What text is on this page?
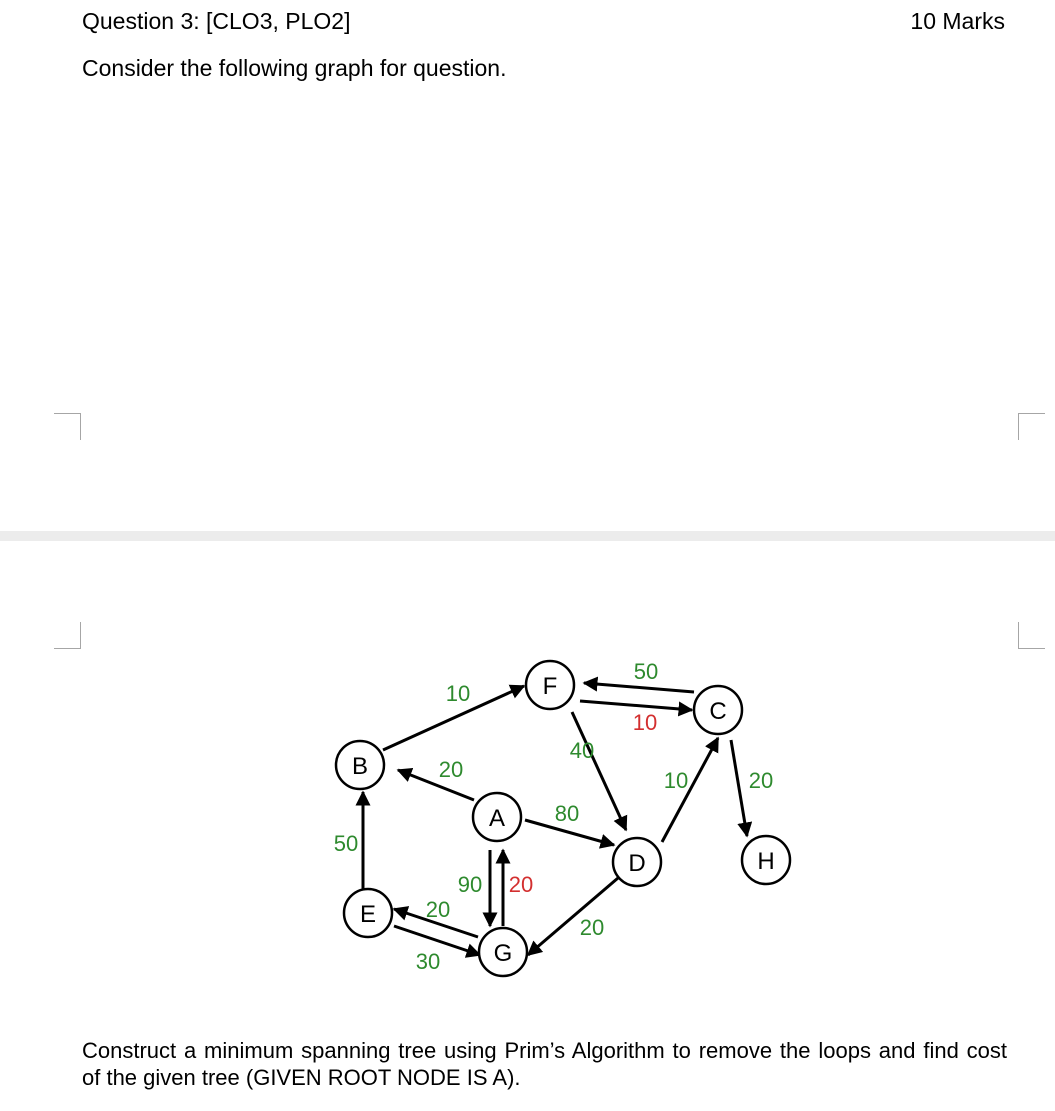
Question 3: [CLO3, PLO2]	10 Marks
Consider the following graph for question.
B
F
C
A
D	H
E
G
10
20
50
10
40
80
10	20
50
90 20
20
30
20
Construct a minimum spanning tree using Prim’s Algorithm to remove the loops and find cost of the given tree (GIVEN ROOT NODE IS A).
